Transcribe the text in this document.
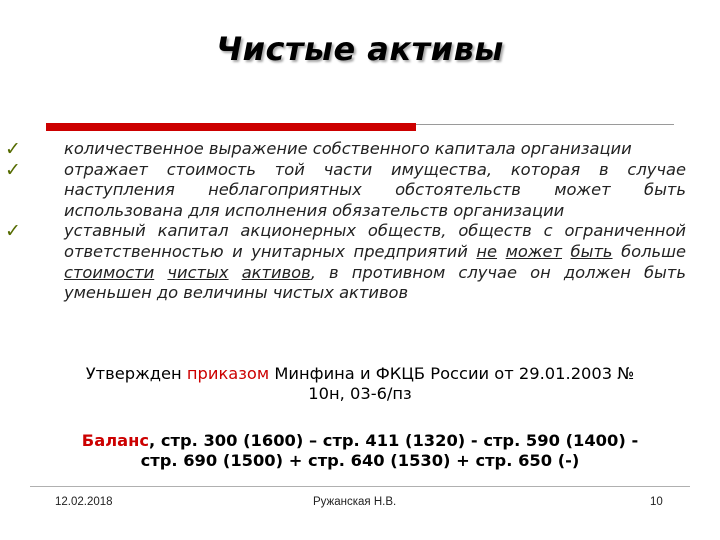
Чистые активы
✓	количественное выражение собственного капитала организации
✓	отражает стоимость той части имущества, которая в случае наступления неблагоприятных обстоятельств может быть использована для исполнения обязательств организации
✓	уставный капитал акционерных обществ, обществ с ограниченной ответственностью и унитарных предприятий не может быть больше стоимости чистых активов, в противном случае он должен быть уменьшен до величины чистых активов
Утвержден приказом Минфина и ФКЦБ России от 29.01.2003 №
10н, 03-6/пз
Баланс, стр. 300 (1600) – стр. 411 (1320) - стр. 590 (1400) -
стр. 690 (1500) + стр. 640 (1530) + стр. 650 (-)
12.02.2018	Ружанская Н.В.	10
